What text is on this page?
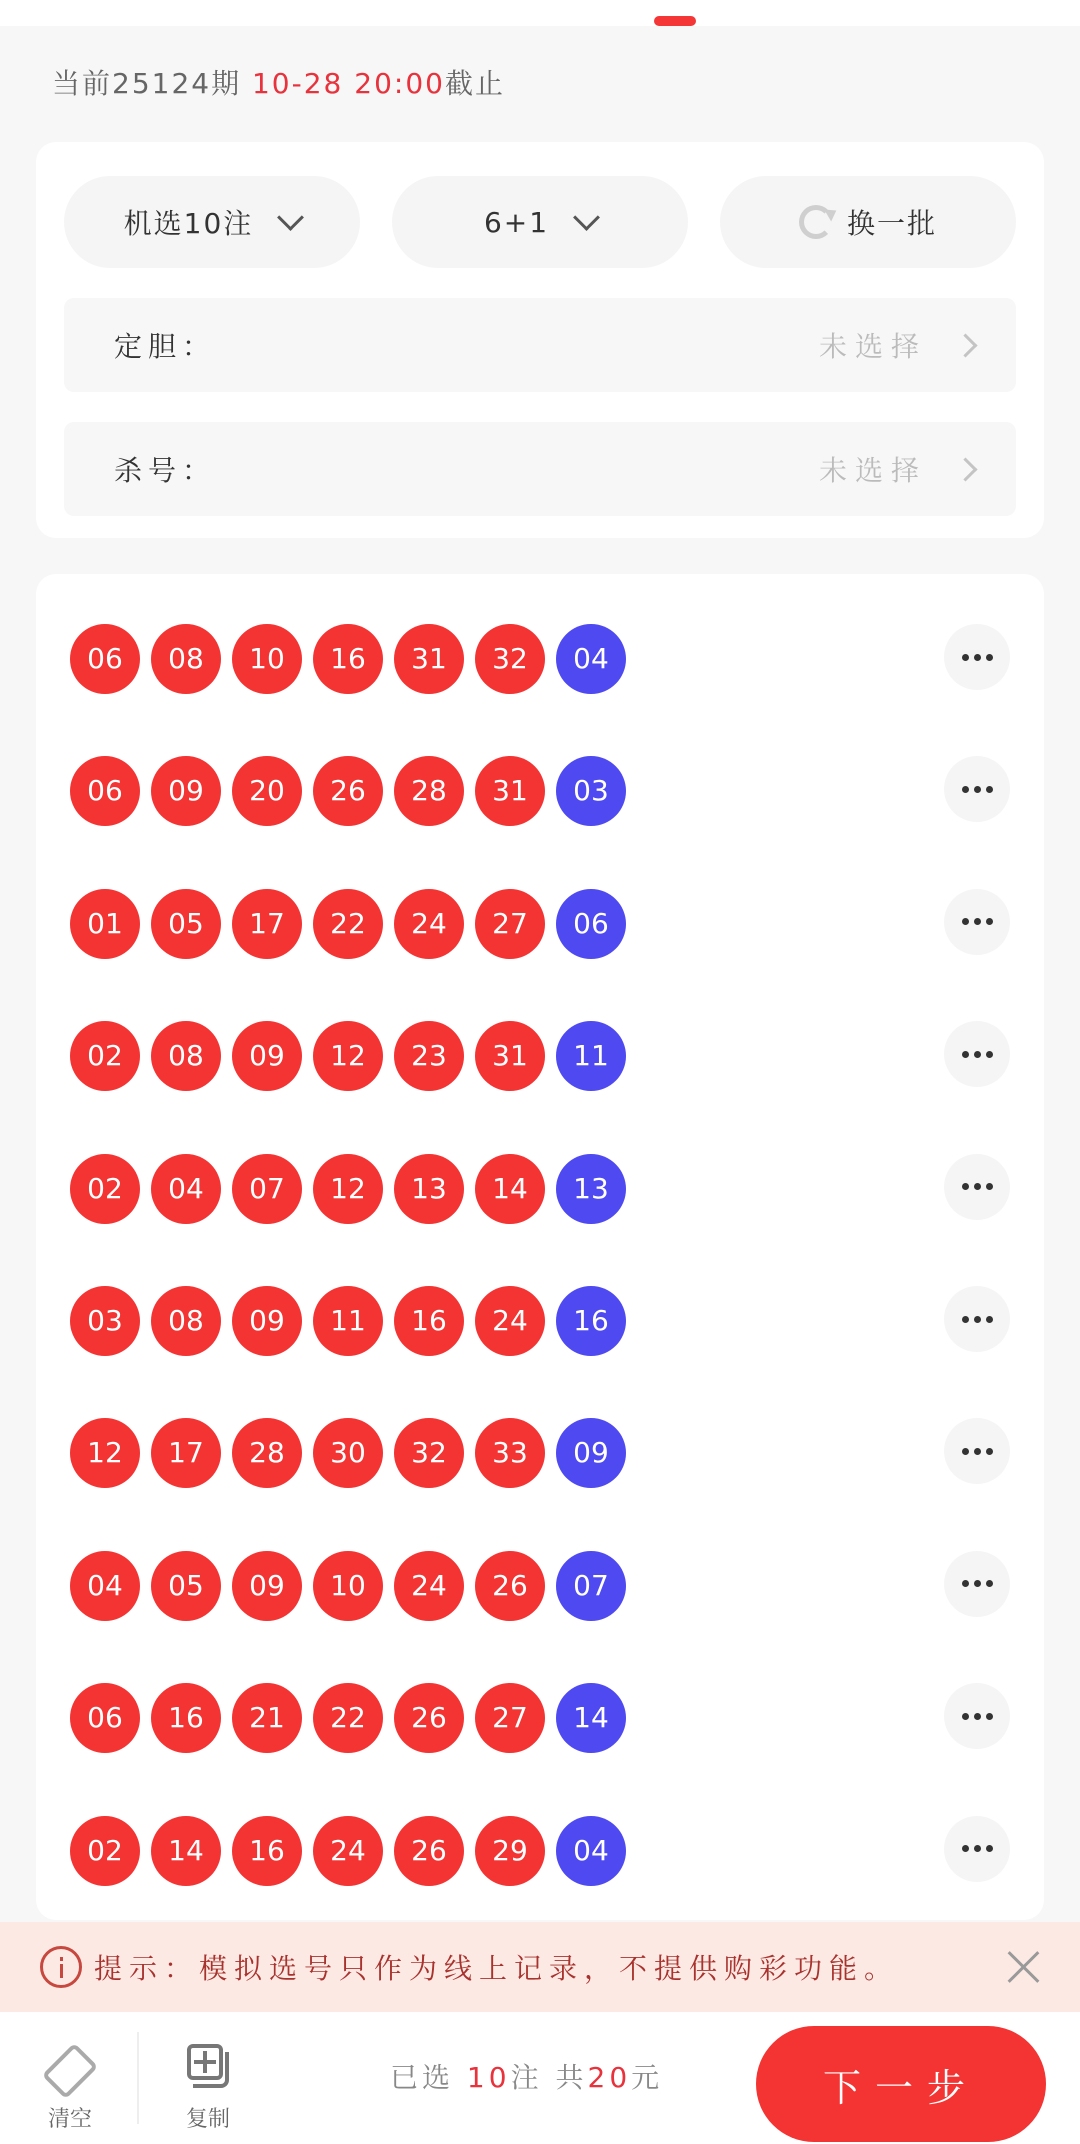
当前25124期 10-28 20:00截止
机选10注	6+1	换一批
定胆：	未选择
杀号：	未选择
06	08	10	16	31	32	04
06	09	20	26	28	31	03
01	05	17	22	24	27	06
02	08	09	12	23	31	11
02	04	07	12	13	14	13
03	08	09	11	16	24	16
12	17	28	30	32	33	09
04	05	09	10	24	26	07
06	16	21	22	26	27	14
02	14	16	24	26	29	04
提示：模拟选号只作为线上记录，不提供购彩功能。
清空	复制
已选 10注 共20元	下一步
